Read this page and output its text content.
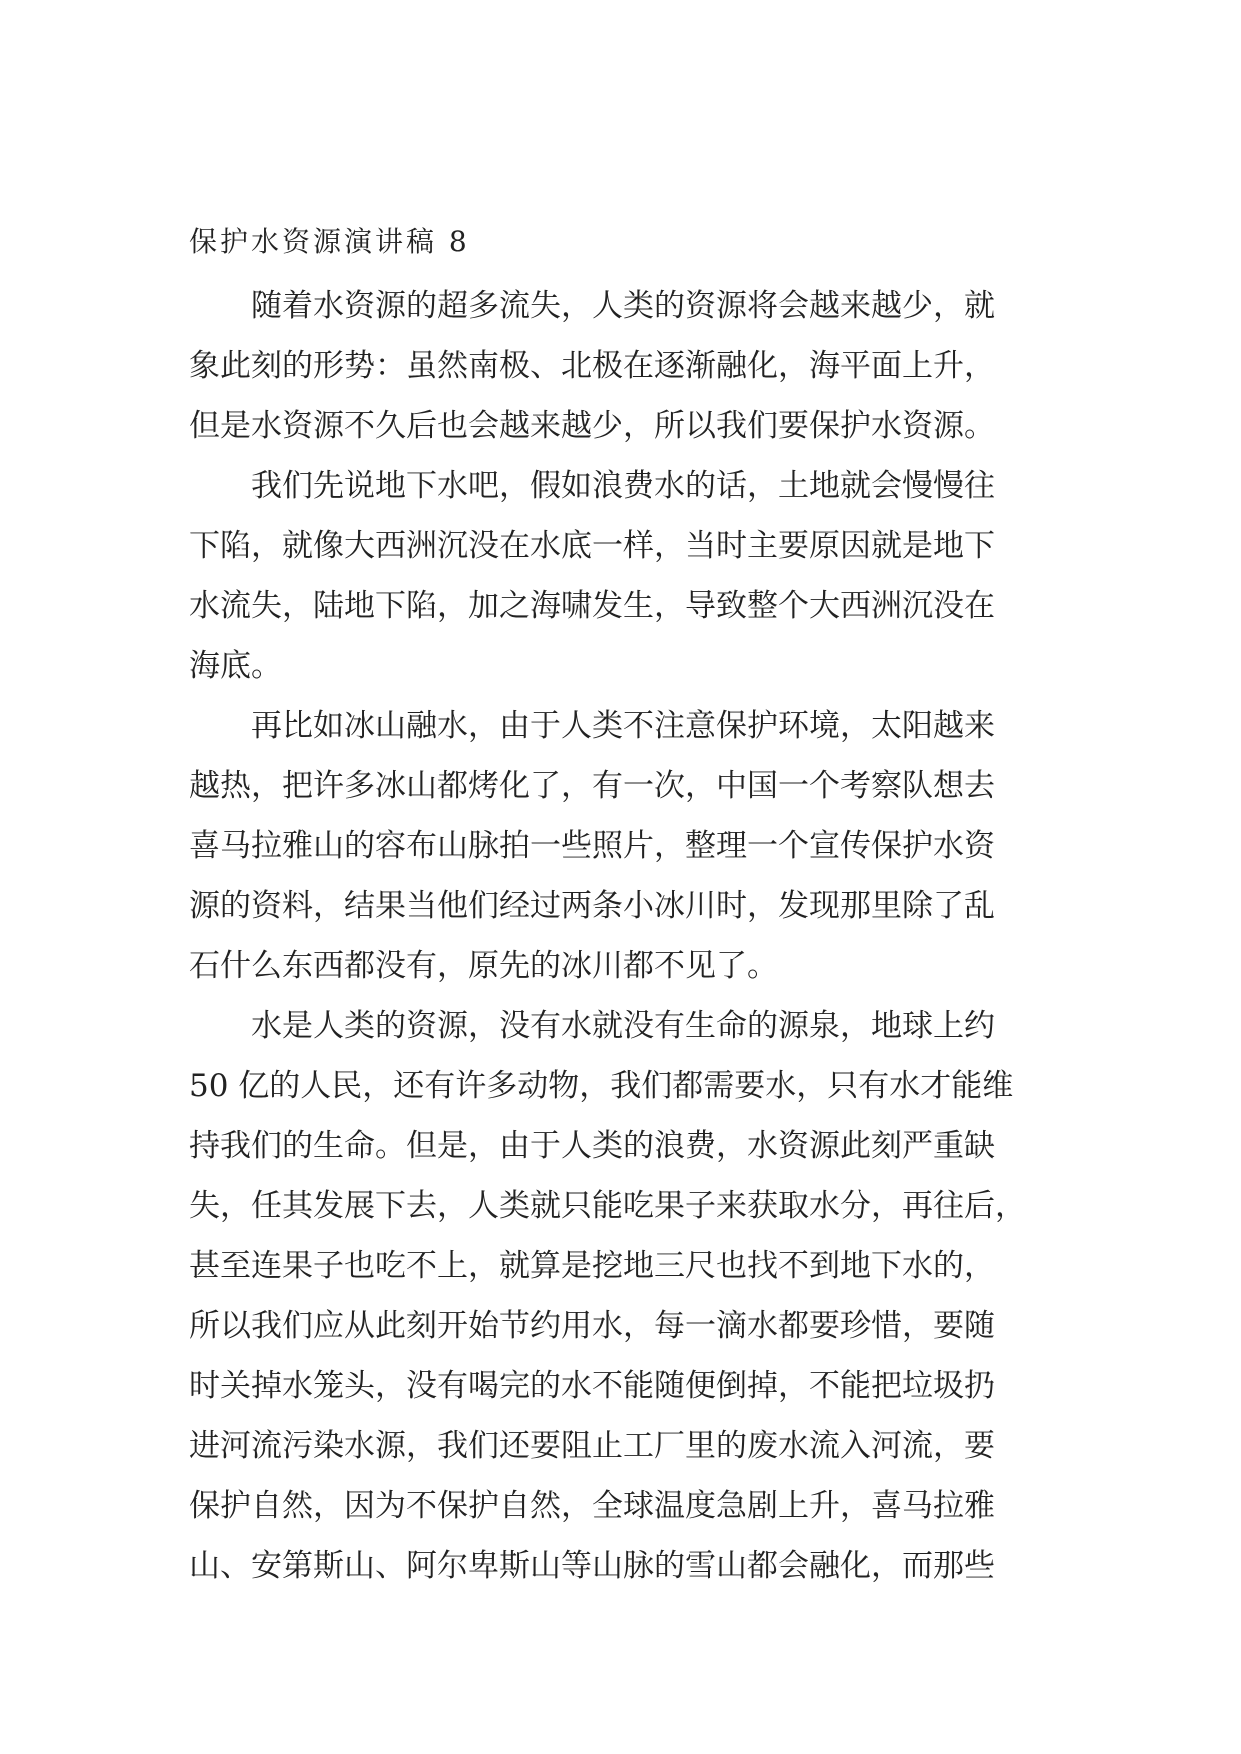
保护水资源演讲稿 8

　　随着水资源的超多流失，人类的资源将会越来越少，就

象此刻的形势：虽然南极、北极在逐渐融化，海平面上升，

但是水资源不久后也会越来越少，所以我们要保护水资源。

　　我们先说地下水吧，假如浪费水的话，土地就会慢慢往

下陷，就像大西洲沉没在水底一样，当时主要原因就是地下

水流失，陆地下陷，加之海啸发生，导致整个大西洲沉没在

海底。

　　再比如冰山融水，由于人类不注意保护环境，太阳越来

越热，把许多冰山都烤化了，有一次，中国一个考察队想去

喜马拉雅山的容布山脉拍一些照片，整理一个宣传保护水资

源的资料，结果当他们经过两条小冰川时，发现那里除了乱

石什么东西都没有，原先的冰川都不见了。

　　水是人类的资源，没有水就没有生命的源泉，地球上约

50 亿的人民，还有许多动物，我们都需要水，只有水才能维

持我们的生命。但是，由于人类的浪费，水资源此刻严重缺

失，任其发展下去，人类就只能吃果子来获取水分，再往后，

甚至连果子也吃不上，就算是挖地三尺也找不到地下水的，

所以我们应从此刻开始节约用水，每一滴水都要珍惜，要随

时关掉水笼头，没有喝完的水不能随便倒掉，不能把垃圾扔

进河流污染水源，我们还要阻止工厂里的废水流入河流，要

保护自然，因为不保护自然，全球温度急剧上升，喜马拉雅

山、安第斯山、阿尔卑斯山等山脉的雪山都会融化，而那些
